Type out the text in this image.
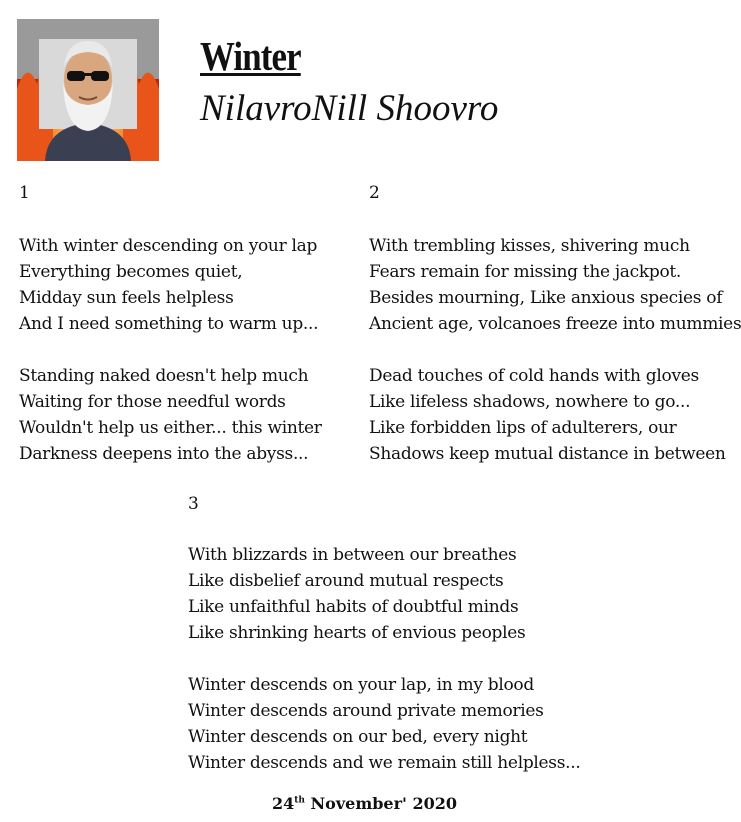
Winter
NilavroNill Shoovro
1
With winter descending on your lap
Everything becomes quiet,
Midday sun feels helpless
And I need something to warm up...
Standing naked doesn't help much
Waiting for those needful words
Wouldn't help us either... this winter
Darkness deepens into the abyss...
2
With trembling kisses, shivering much
Fears remain for missing the jackpot.
Besides mourning, Like anxious species of
Ancient age, volcanoes freeze into mummies
Dead touches of cold hands with gloves
Like lifeless shadows, nowhere to go...
Like forbidden lips of adulterers, our
Shadows keep mutual distance in between
3
With blizzards in between our breathes
Like disbelief around mutual respects
Like unfaithful habits of doubtful minds
Like shrinking hearts of envious peoples
Winter descends on your lap, in my blood
Winter descends around private memories
Winter descends on our bed, every night
Winter descends and we remain still helpless...
24th November' 2020
